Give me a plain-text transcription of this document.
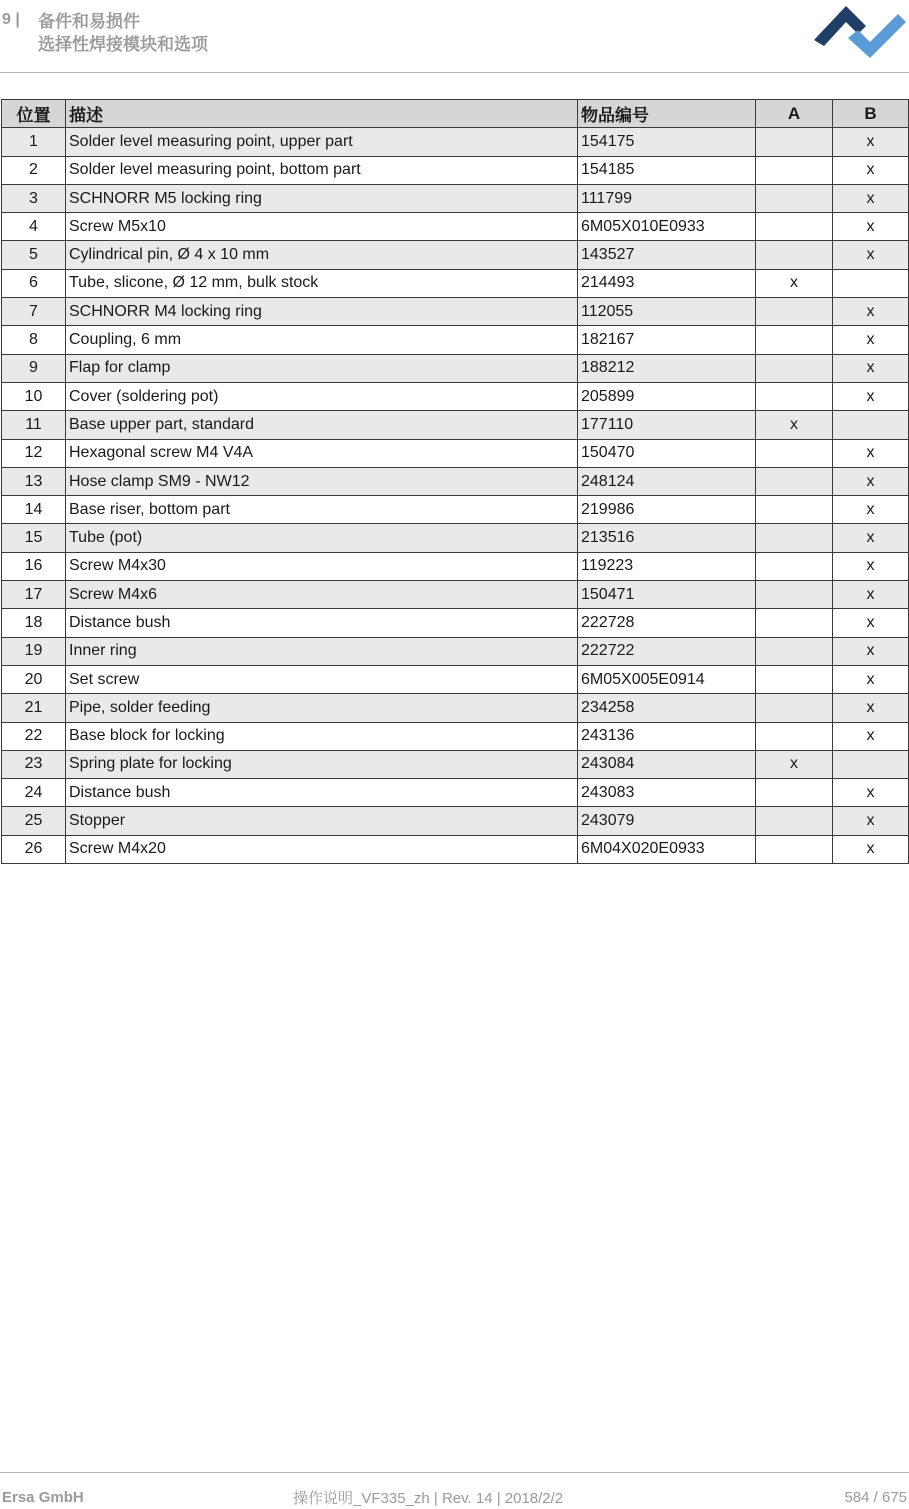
9 | 备件和易损件
选择性焊接模块和选项
位置	描述	物品编号	A	B
1	Solder level measuring point, upper part	154175		x
2	Solder level measuring point, bottom part	154185		x
3	SCHNORR M5 locking ring	111799		x
4	Screw M5x10	6M05X010E0933		x
5	Cylindrical pin, Ø 4 x 10 mm	143527		x
6	Tube, slicone, Ø 12 mm, bulk stock	214493	x	
7	SCHNORR M4 locking ring	112055		x
8	Coupling, 6 mm	182167		x
9	Flap for clamp	188212		x
10	Cover (soldering pot)	205899		x
11	Base upper part, standard	177110	x	
12	Hexagonal screw M4 V4A	150470		x
13	Hose clamp SM9 - NW12	248124		x
14	Base riser, bottom part	219986		x
15	Tube (pot)	213516		x
16	Screw M4x30	119223		x
17	Screw M4x6	150471		x
18	Distance bush	222728		x
19	Inner ring	222722		x
20	Set screw	6M05X005E0914		x
21	Pipe, solder feeding	234258		x
22	Base block for locking	243136		x
23	Spring plate for locking	243084	x	
24	Distance bush	243083		x
25	Stopper	243079		x
26	Screw M4x20	6M04X020E0933		x
Ersa GmbH	操作说明_VF335_zh | Rev. 14 | 2018/2/2	584 / 675
